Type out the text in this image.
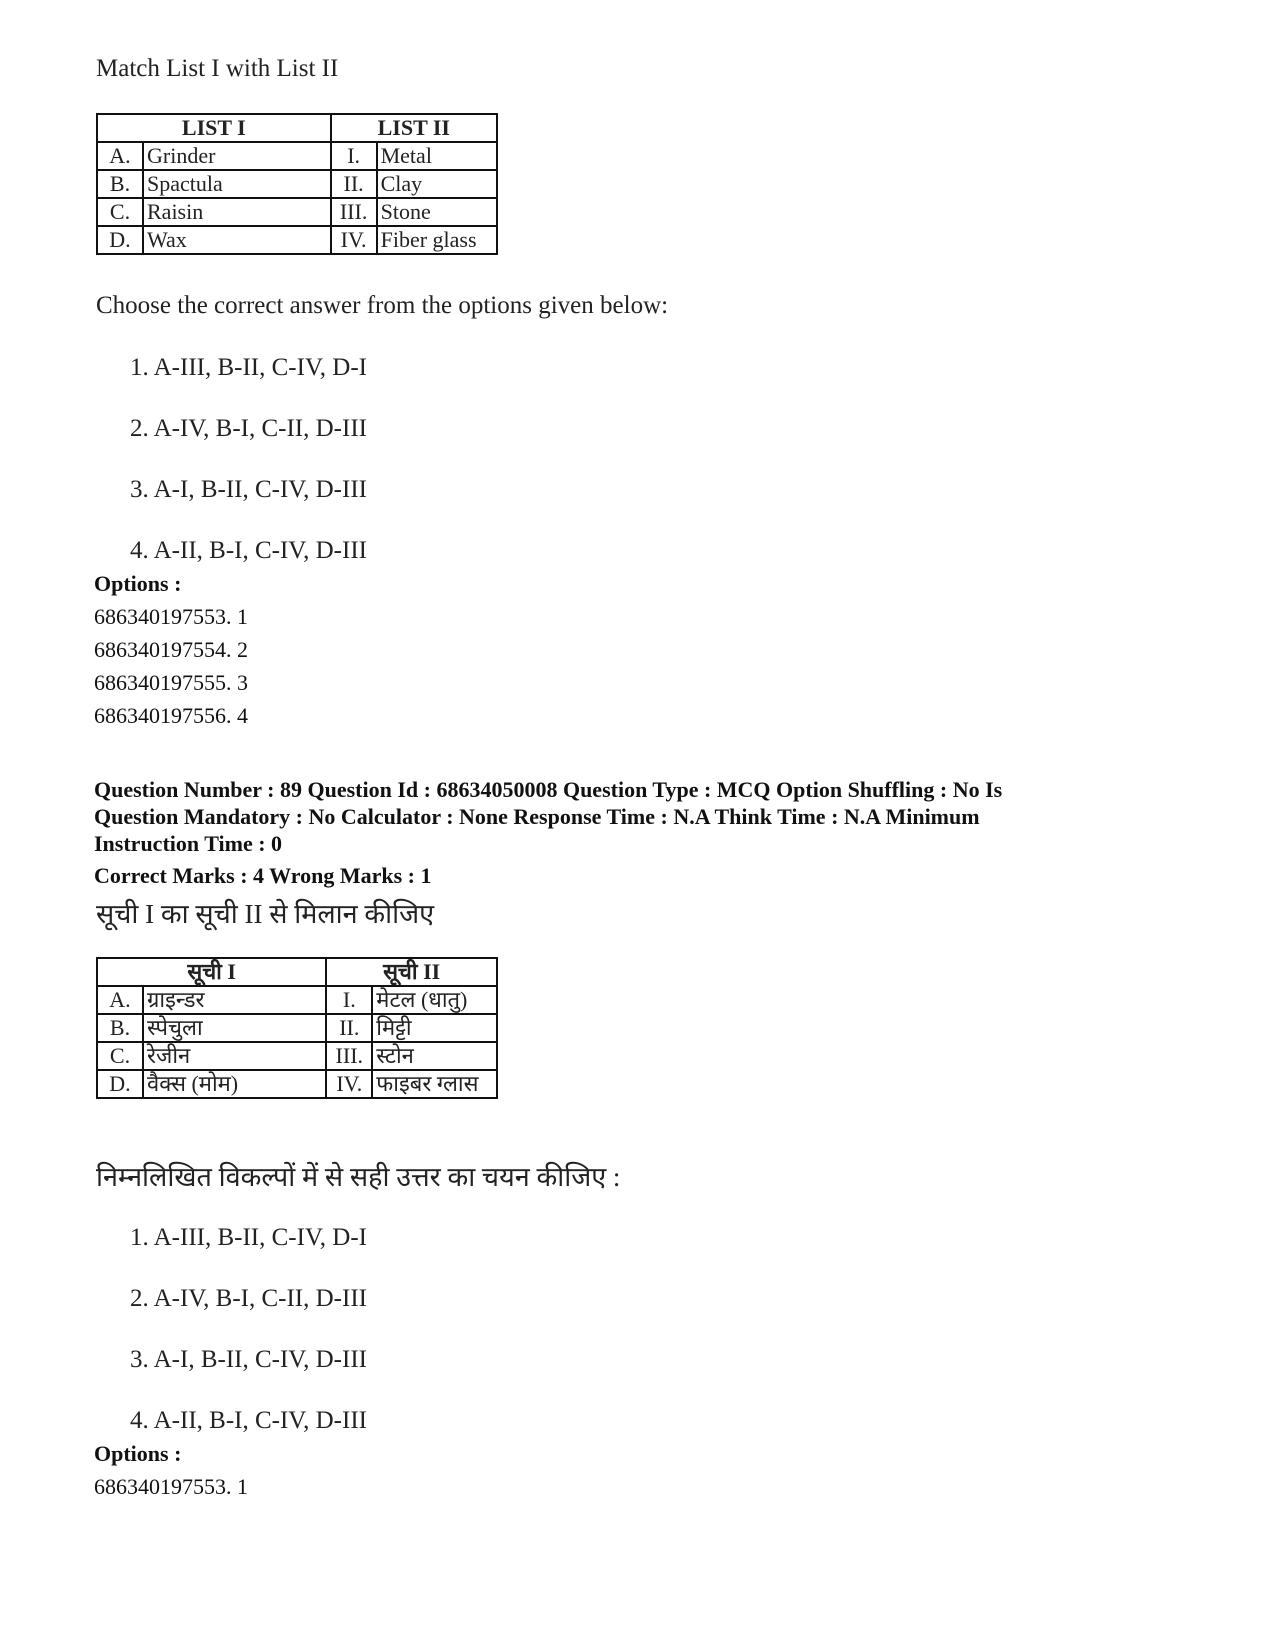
Match List I with List II
LIST I		LIST II	
A.	Grinder	I.	Metal
B.	Spactula	II.	Clay
C.	Raisin	III.	Stone
D.	Wax	IV.	Fiber glass
Choose the correct answer from the options given below:
1. A-III, B-II, C-IV, D-I
2. A-IV, B-I, C-II, D-III
3. A-I, B-II, C-IV, D-III
4. A-II, B-I, C-IV, D-III
Options :
686340197553. 1
686340197554. 2
686340197555. 3
686340197556. 4
Question Number : 89 Question Id : 68634050008 Question Type : MCQ Option Shuffling : No Is
Question Mandatory : No Calculator : None Response Time : N.A Think Time : N.A Minimum
Instruction Time : 0
Correct Marks : 4 Wrong Marks : 1
सूची I का सूची II से मिलान कीजिए
सूची I		सूची II	
A.	ग्राइन्डर	I.	मेटल (धातु)
B.	स्पेचुला	II.	मिट्टी
C.	रेजीन	III.	स्टोन
D.	वैक्स (मोम)	IV.	फाइबर ग्लास
निम्नलिखित विकल्पों में से सही उत्तर का चयन कीजिए :
1. A-III, B-II, C-IV, D-I
2. A-IV, B-I, C-II, D-III
3. A-I, B-II, C-IV, D-III
4. A-II, B-I, C-IV, D-III
Options :
686340197553. 1
